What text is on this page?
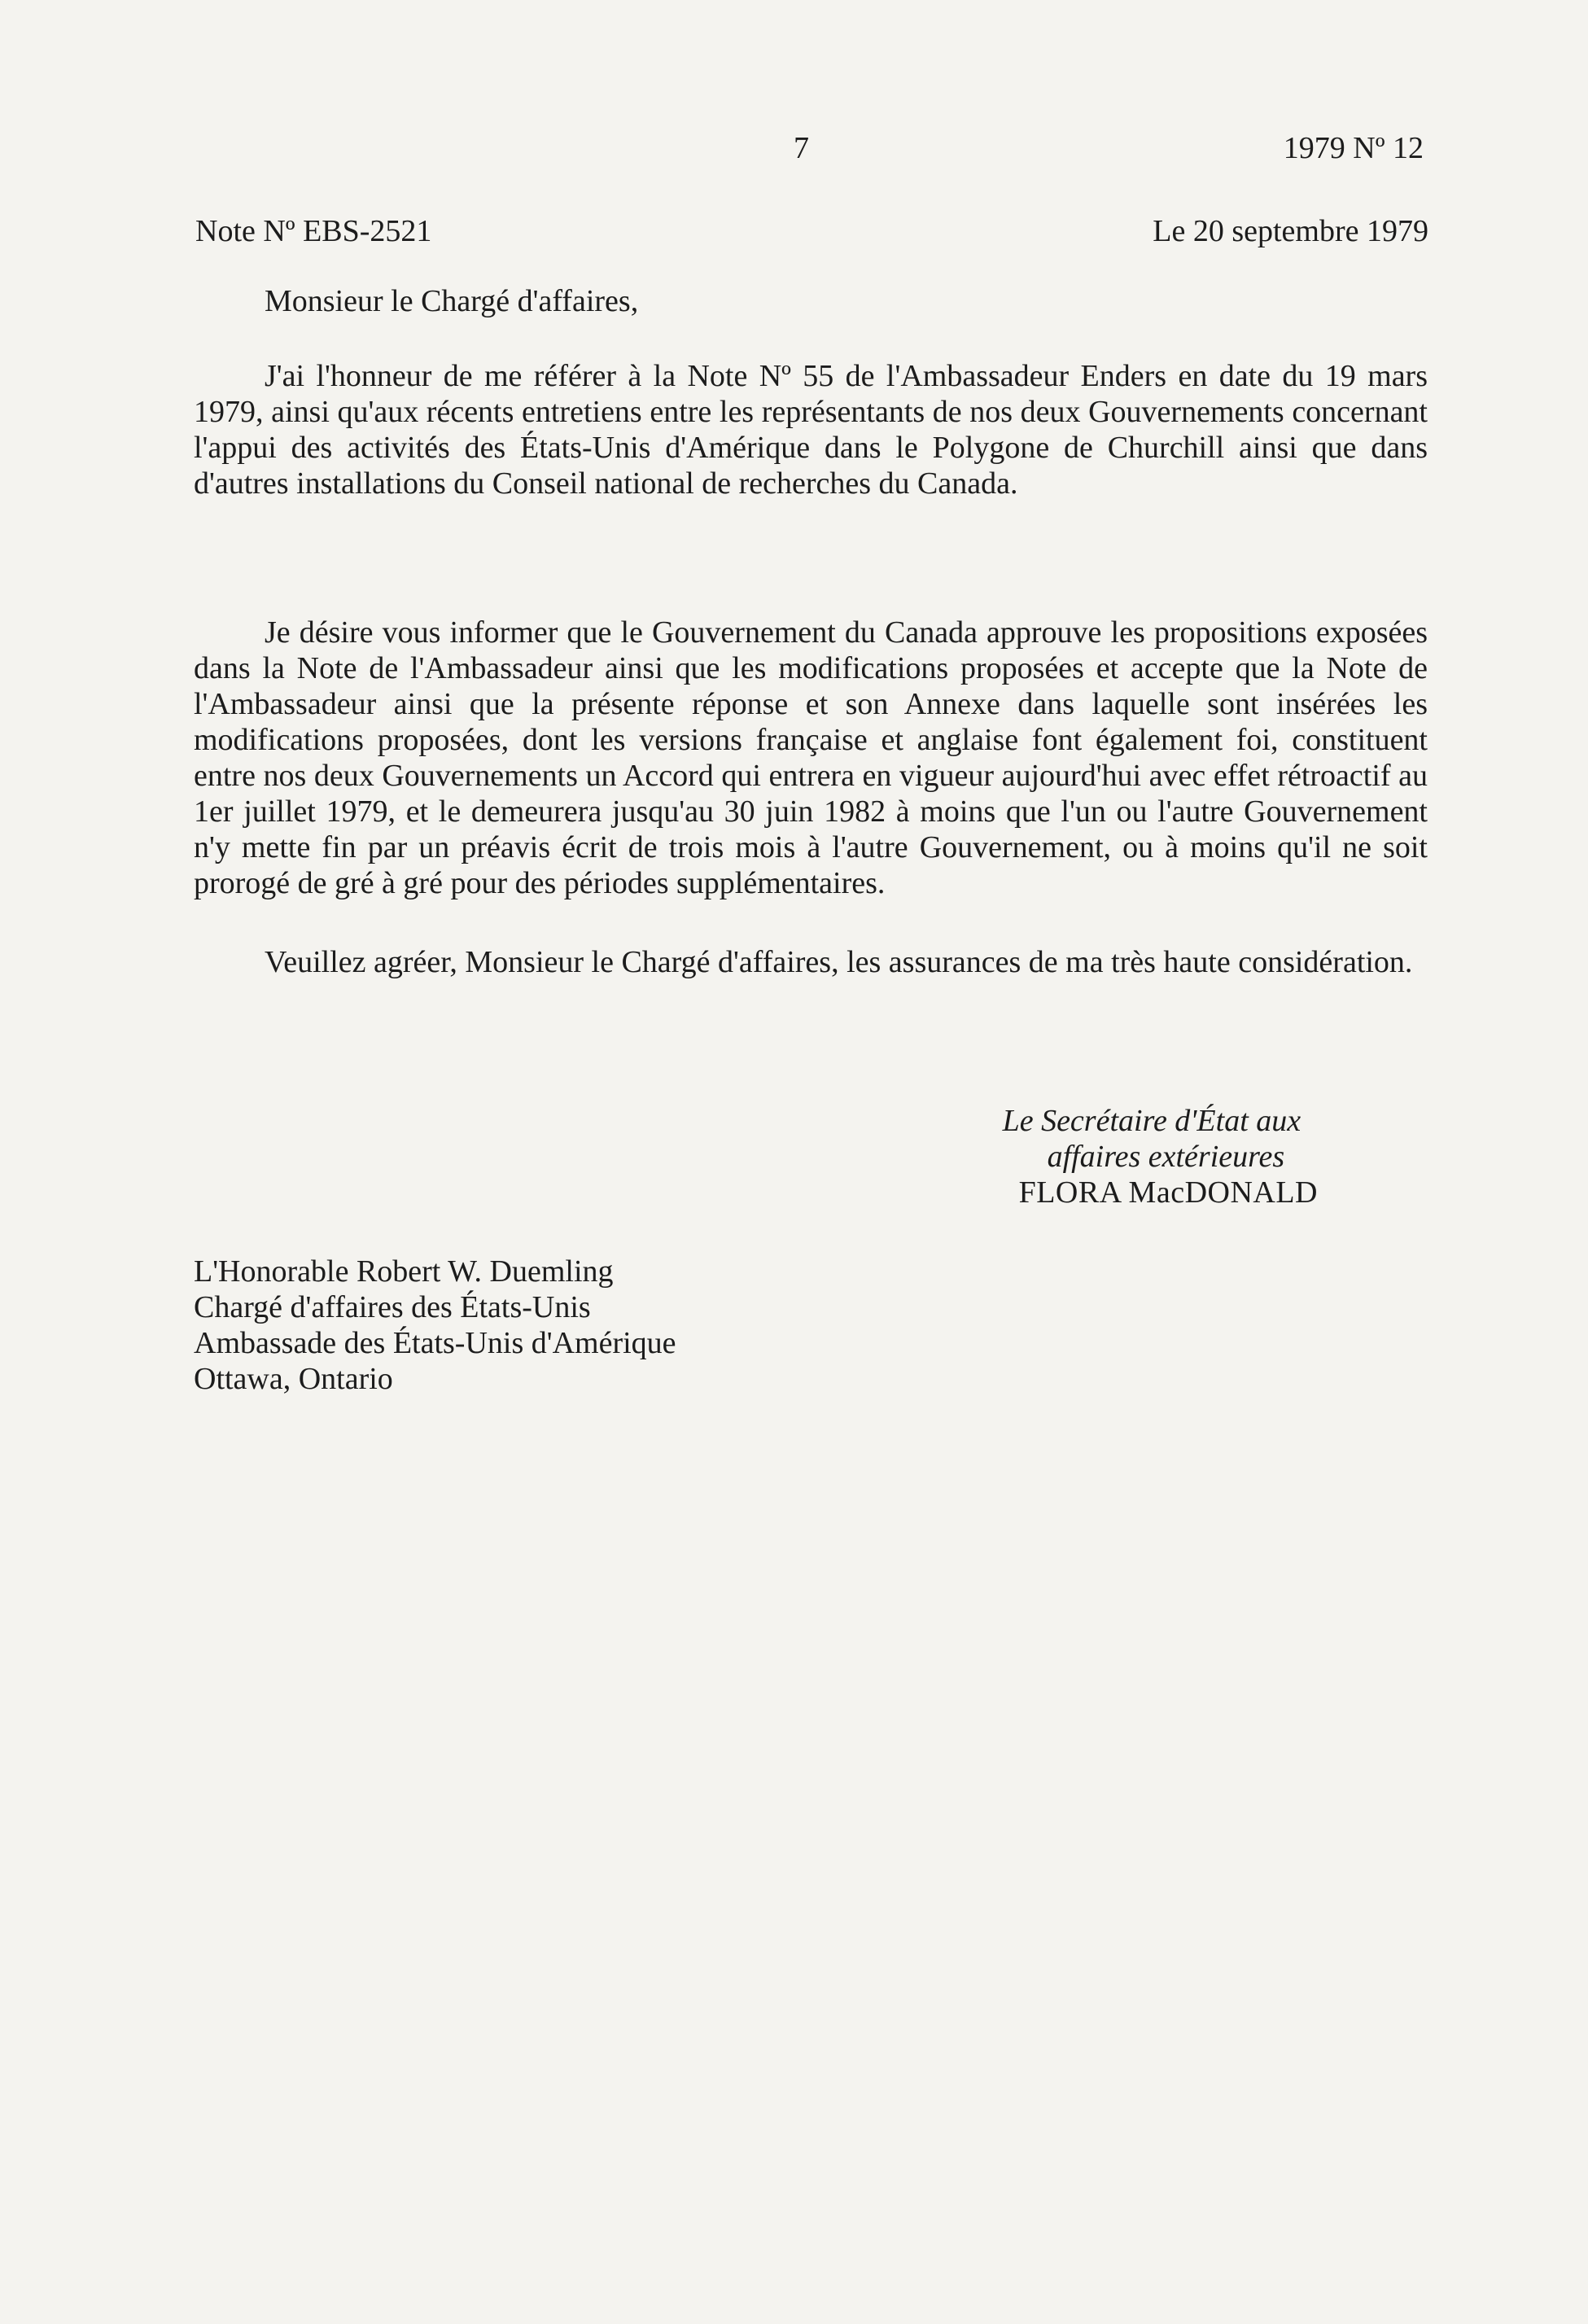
7	1979 Nº 12
Note Nº EBS-2521	Le 20 septembre 1979
Monsieur le Chargé d'affaires,

J'ai l'honneur de me référer à la Note Nº 55 de l'Ambassadeur Enders en date du 19 mars 1979, ainsi qu'aux récents entretiens entre les représentants de nos deux Gouvernements concernant l'appui des activités des États-Unis d'Amérique dans le Polygone de Churchill ainsi que dans d'autres installations du Conseil national de recherches du Canada.

Je désire vous informer que le Gouvernement du Canada approuve les propositions exposées dans la Note de l'Ambassadeur ainsi que les modifications proposées et accepte que la Note de l'Ambassadeur ainsi que la présente réponse et son Annexe dans laquelle sont insérées les modifications proposées, dont les versions française et anglaise font également foi, constituent entre nos deux Gouvernements un Accord qui entrera en vigueur aujourd'hui avec effet rétroactif au 1er juillet 1979, et le demeurera jusqu'au 30 juin 1982 à moins que l'un ou l'autre Gouvernement n'y mette fin par un préavis écrit de trois mois à l'autre Gouvernement, ou à moins qu'il ne soit prorogé de gré à gré pour des périodes supplémentaires.

Veuillez agréer, Monsieur le Chargé d'affaires, les assurances de ma très haute considération.

Le Secrétaire d'État aux
affaires extérieures
FLORA MacDONALD
L'Honorable Robert W. Duemling
Chargé d'affaires des États-Unis
Ambassade des États-Unis d'Amérique
Ottawa, Ontario
